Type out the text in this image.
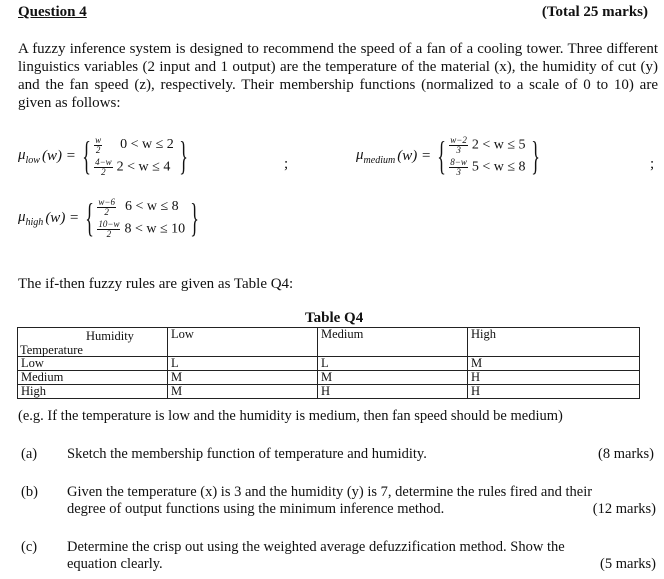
Question 4	(Total 25 marks)
A fuzzy inference system is designed to recommend the speed of a fan of a cooling tower. Three different linguistics variables (2 input and 1 output) are the temperature of the material (x), the humidity of cut (y) and the fan speed (z), respectively. Their membership functions (normalized to a scale of 0 to 10) are given as follows:
$\mu_{low}$ (w) = { $\frac{w}{2} 0 < w \le 2$
$\frac{4-w}{2} 2 < w \le 4$ }	;
$\mu_{medium}$ (w) = { $\frac{w-2}{3} 2 < w \le 5$
$\frac{8-w}{3} 5 < w \le 8$ }	;
$\mu_{high}$ (w) = { $\frac{w-6}{2} 6 < w \le 8$
$\frac{10-w}{2} 8 < w \le 10$ }
The if-then fuzzy rules are given as Table Q4:
Table Q4
Humidity
Temperature	Low	Medium	High
Low	L	L	M
Medium	M	M	H
High	M	H	H
(e.g. If the temperature is low and the humidity is medium, then fan speed should be medium)
(a) Sketch the membership function of temperature and humidity.	(8 marks)
(b) Given the temperature (x) is 3 and the humidity (y) is 7, determine the rules fired and their
degree of output functions using the minimum inference method.	(12 marks)
(c) Determine the crisp out using the weighted average defuzzification method. Show the
equation clearly.	(5 marks)
